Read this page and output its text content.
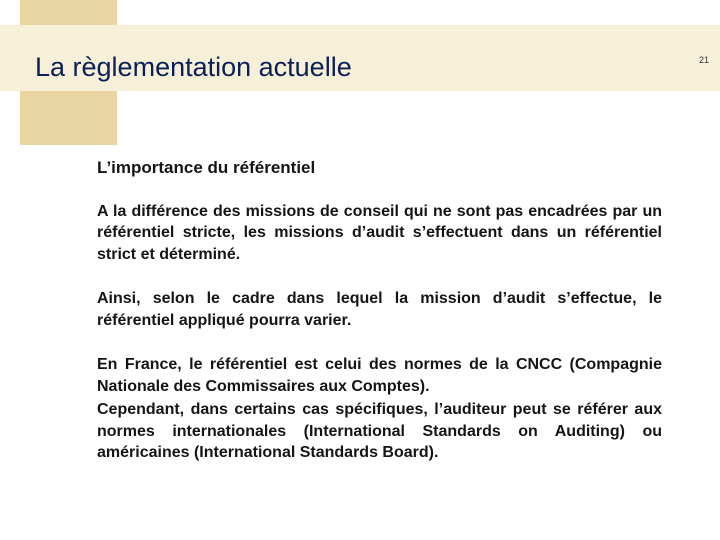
La règlementation actuelle	21

L’importance du référentiel

A la différence des missions de conseil qui ne sont pas encadrées par un référentiel stricte, les missions d’audit s’effectuent dans un référentiel strict et déterminé.

Ainsi, selon le cadre dans lequel la mission d’audit s’effectue, le référentiel appliqué pourra varier.

En France, le référentiel est celui des normes de la CNCC (Compagnie Nationale des Commissaires aux Comptes).

Cependant, dans certains cas spécifiques, l’auditeur peut se référer aux normes internationales (International Standards on Auditing) ou américaines (International Standards Board).
